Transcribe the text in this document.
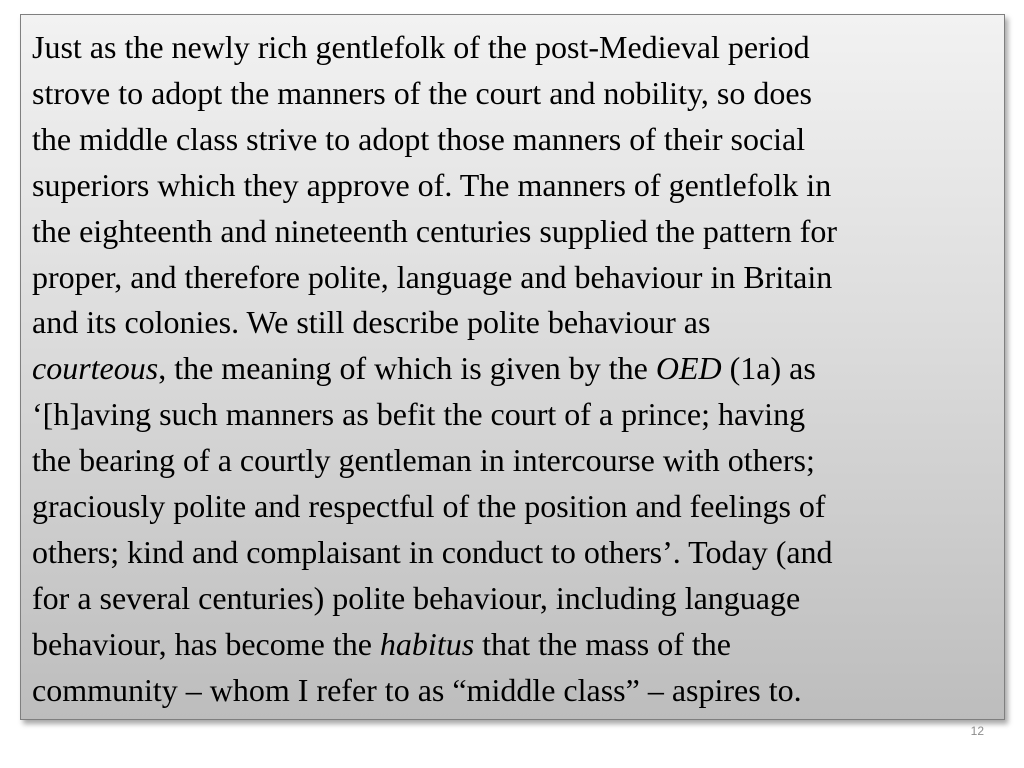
Just as the newly rich gentlefolk of the post-Medieval period
strove to adopt the manners of the court and nobility, so does
the middle class strive to adopt those manners of their social
superiors which they approve of. The manners of gentlefolk in
the eighteenth and nineteenth centuries supplied the pattern for
proper, and therefore polite, language and behaviour in Britain
and its colonies. We still describe polite behaviour as
courteous, the meaning of which is given by the OED (1a) as
‘[h]aving such manners as befit the court of a prince; having
the bearing of a courtly gentleman in intercourse with others;
graciously polite and respectful of the position and feelings of
others; kind and complaisant in conduct to others’. Today (and
for a several centuries) polite behaviour, including language
behaviour, has become the habitus that the mass of the
community – whom I refer to as “middle class” – aspires to.

12
